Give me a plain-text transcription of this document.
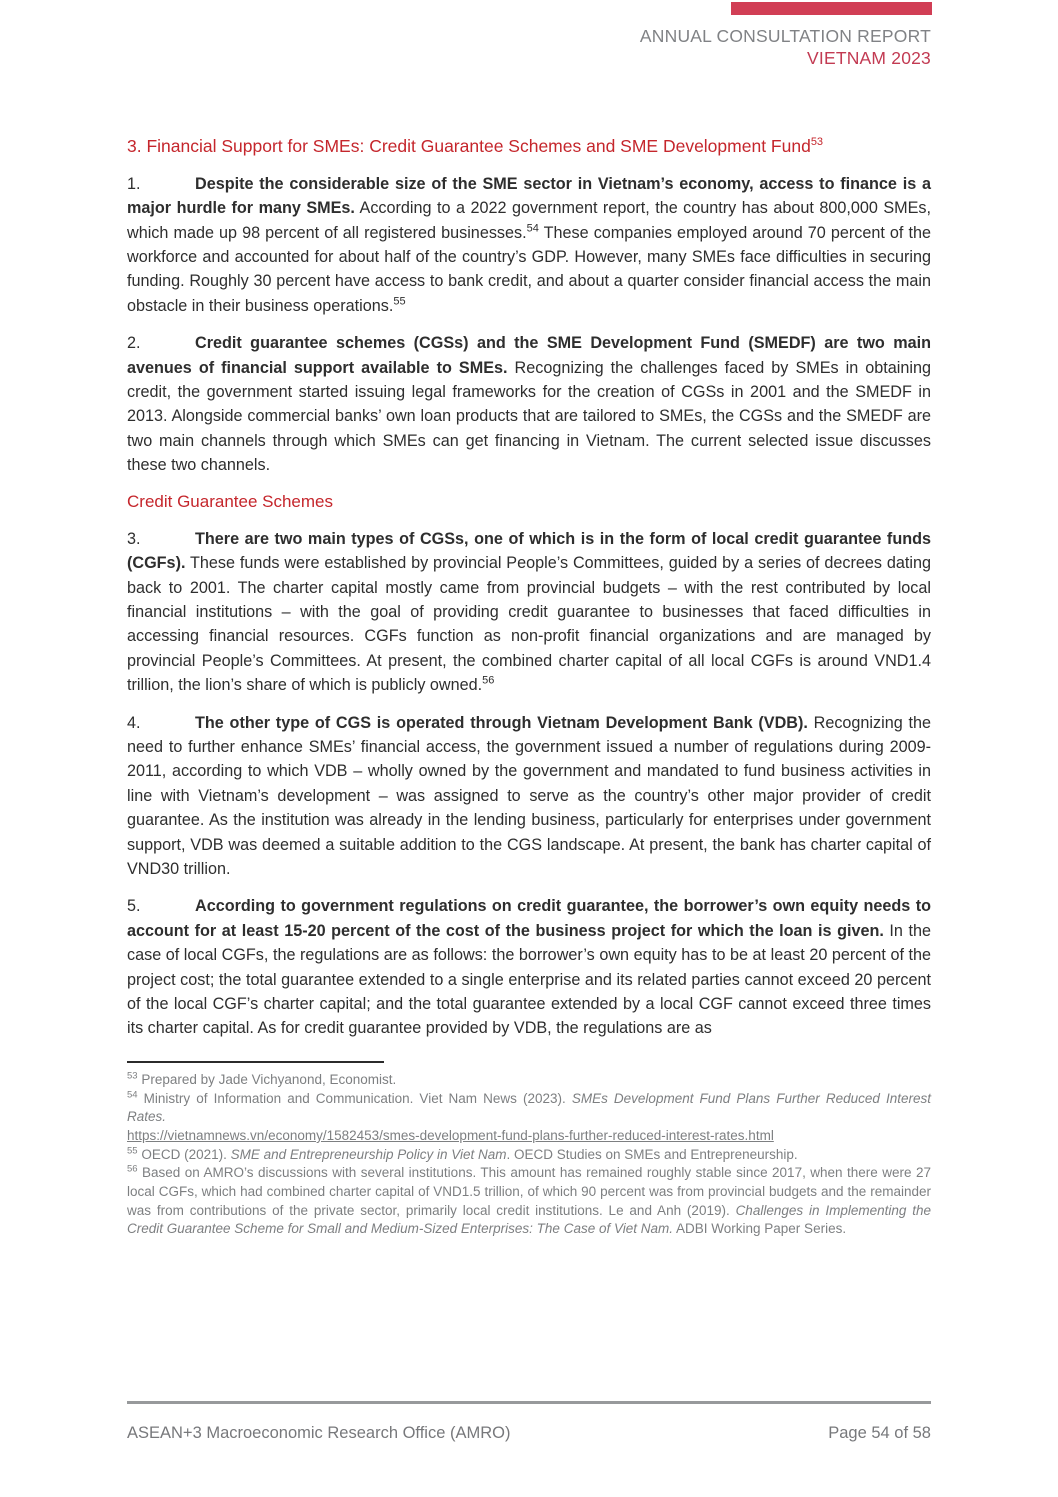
ANNUAL CONSULTATION REPORT
VIETNAM 2023
3. Financial Support for SMEs: Credit Guarantee Schemes and SME Development Fund$^{53}$

1.	Despite the considerable size of the SME sector in Vietnam’s economy, access to finance is a major hurdle for many SMEs. According to a 2022 government report, the country has about 800,000 SMEs, which made up 98 percent of all registered businesses.$^{54}$ These companies employed around 70 percent of the workforce and accounted for about half of the country’s GDP. However, many SMEs face difficulties in securing funding. Roughly 30 percent have access to bank credit, and about a quarter consider financial access the main obstacle in their business operations.$^{55}$

2.	Credit guarantee schemes (CGSs) and the SME Development Fund (SMEDF) are two main avenues of financial support available to SMEs. Recognizing the challenges faced by SMEs in obtaining credit, the government started issuing legal frameworks for the creation of CGSs in 2001 and the SMEDF in 2013. Alongside commercial banks’ own loan products that are tailored to SMEs, the CGSs and the SMEDF are two main channels through which SMEs can get financing in Vietnam. The current selected issue discusses these two channels.

Credit Guarantee Schemes

3.	There are two main types of CGSs, one of which is in the form of local credit guarantee funds (CGFs). These funds were established by provincial People’s Committees, guided by a series of decrees dating back to 2001. The charter capital mostly came from provincial budgets – with the rest contributed by local financial institutions – with the goal of providing credit guarantee to businesses that faced difficulties in accessing financial resources. CGFs function as non-profit financial organizations and are managed by provincial People’s Committees. At present, the combined charter capital of all local CGFs is around VND1.4 trillion, the lion’s share of which is publicly owned.$^{56}$

4.	The other type of CGS is operated through Vietnam Development Bank (VDB). Recognizing the need to further enhance SMEs’ financial access, the government issued a number of regulations during 2009-2011, according to which VDB – wholly owned by the government and mandated to fund business activities in line with Vietnam’s development – was assigned to serve as the country’s other major provider of credit guarantee. As the institution was already in the lending business, particularly for enterprises under government support, VDB was deemed a suitable addition to the CGS landscape. At present, the bank has charter capital of VND30 trillion.

5.	According to government regulations on credit guarantee, the borrower’s own equity needs to account for at least 15-20 percent of the cost of the business project for which the loan is given. In the case of local CGFs, the regulations are as follows: the borrower’s own equity has to be at least 20 percent of the project cost; the total guarantee extended to a single enterprise and its related parties cannot exceed 20 percent of the local CGF’s charter capital; and the total guarantee extended by a local CGF cannot exceed three times its charter capital. As for credit guarantee provided by VDB, the regulations are as

$^{53}$ Prepared by Jade Vichyanond, Economist.
$^{54}$ Ministry of Information and Communication. Viet Nam News (2023). SMEs Development Fund Plans Further Reduced Interest Rates.
https://vietnamnews.vn/economy/1582453/smes-development-fund-plans-further-reduced-interest-rates.html
$^{55}$ OECD (2021). SME and Entrepreneurship Policy in Viet Nam. OECD Studies on SMEs and Entrepreneurship.
$^{56}$ Based on AMRO’s discussions with several institutions. This amount has remained roughly stable since 2017, when there were 27 local CGFs, which had combined charter capital of VND1.5 trillion, of which 90 percent was from provincial budgets and the remainder was from contributions of the private sector, primarily local credit institutions. Le and Anh (2019). Challenges in Implementing the Credit Guarantee Scheme for Small and Medium-Sized Enterprises: The Case of Viet Nam. ADBI Working Paper Series.
ASEAN+3 Macroeconomic Research Office (AMRO)	Page 54 of 58
